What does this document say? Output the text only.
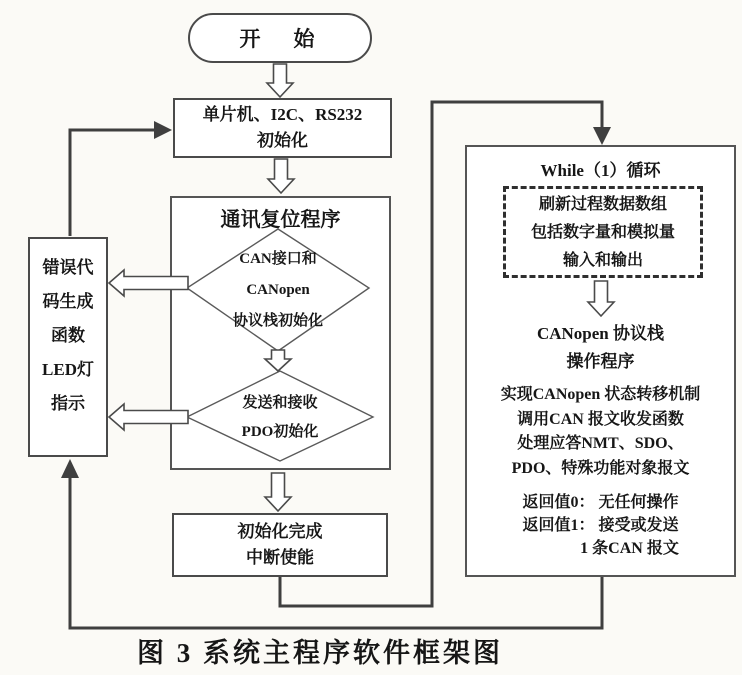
开　始
单片机、I2C、RS232
初始化
通讯复位程序
CAN接口和
CANopen
协议栈初始化
发送和接收
PDO初始化
初始化完成
中断使能
错误代
码生成
函数
LED灯
指示
While（1）循环
刷新过程数据数组
包括数字量和模拟量
输入和输出
CANopen 协议栈
操作程序
实现CANopen 状态转移机制
调用CAN 报文收发函数
处理应答NMT、SDO、
PDO、特殊功能对象报文
返回值0： 无任何操作
返回值1： 接受或发送
1 条CAN 报文
图 3 系统主程序软件框架图
